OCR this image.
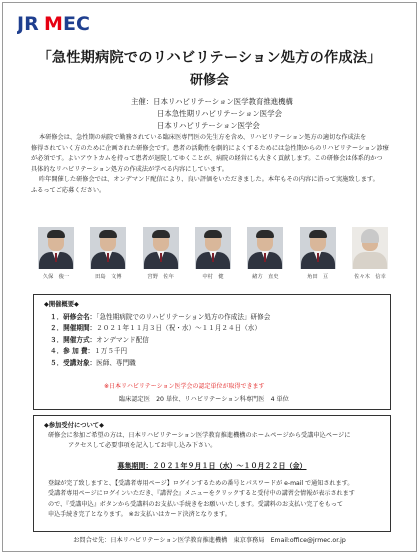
JR M EC
「急性期病院でのリハビリテーション処方の作成法」
研修会
主催：日本リハビリテーション医学教育推進機構
日本急性期リハビリテーション医学会
日本リハビリテーション医学会

本研修会は、急性期の病院で勤務されている臨床医専門医の先生方を含め、リハビリテーション処方の適切な作成法を

修得されていく方のために企画された研修会です。患者の活動性を劇的によくするためには急性期からのリハビリテーション診療

が必須です。よいアウトカムを持って患者が退院してゆくことが、病院の経営にも大きく貢献します。この研修会は体系的かつ

具体的なリハビリテーション処方の作成法が学べる内容にしています。

昨年開催した研修会では、オンデマンド配信により、良い評価をいただきました。本年もその内容に沿って実施致します。

ふるってご応募ください。

久保　俊一	田島　文博	宮野　佐年	中村　健	緒方　直史	角田　亘	佐々木　信幸
◆開催概要◆
１．研修会名：「急性期病院でのリハビリテーション処方の作成法」研修会
２．開催期間：２０２１年１１月３日（祝・水）～１１月２４日（水）
３．開催方式：オンデマンド配信
４．参 加 費：１万５千円
５．受講対象：医師、専門職
※日本リハビリテーション医学会の認定単位が取得できます
臨床認定医　20 単位、リハビリテーション科専門医　4 単位
◆参加受付について◆
研修会に参加ご希望の方は、日本リハビリテーション医学教育推進機構のホームページから受講申込ページに
アクセスして必要事項を記入してお申し込み下さい。
募集期間：２０２１年９月１日（水）～１０月２２日（金）
登録が完了致しますと、【受講者専用ページ】ログインするための番号とパスワードが e-mail で通知されます。
受講者専用ページにログインいただき、『講習会』メニューをクリックすると受付中の講習会情報が表示されます
ので、『受講申込』ボタンから受講料のお支払い手続きをお願いいたします。受講料のお支払い完了をもって
申込手続き完了となります。 ※お支払いはカード決済となります。
お問合せ先：日本リハビリテーション医学教育推進機構　東京事務局　Email:office@jrmec.or.jp
